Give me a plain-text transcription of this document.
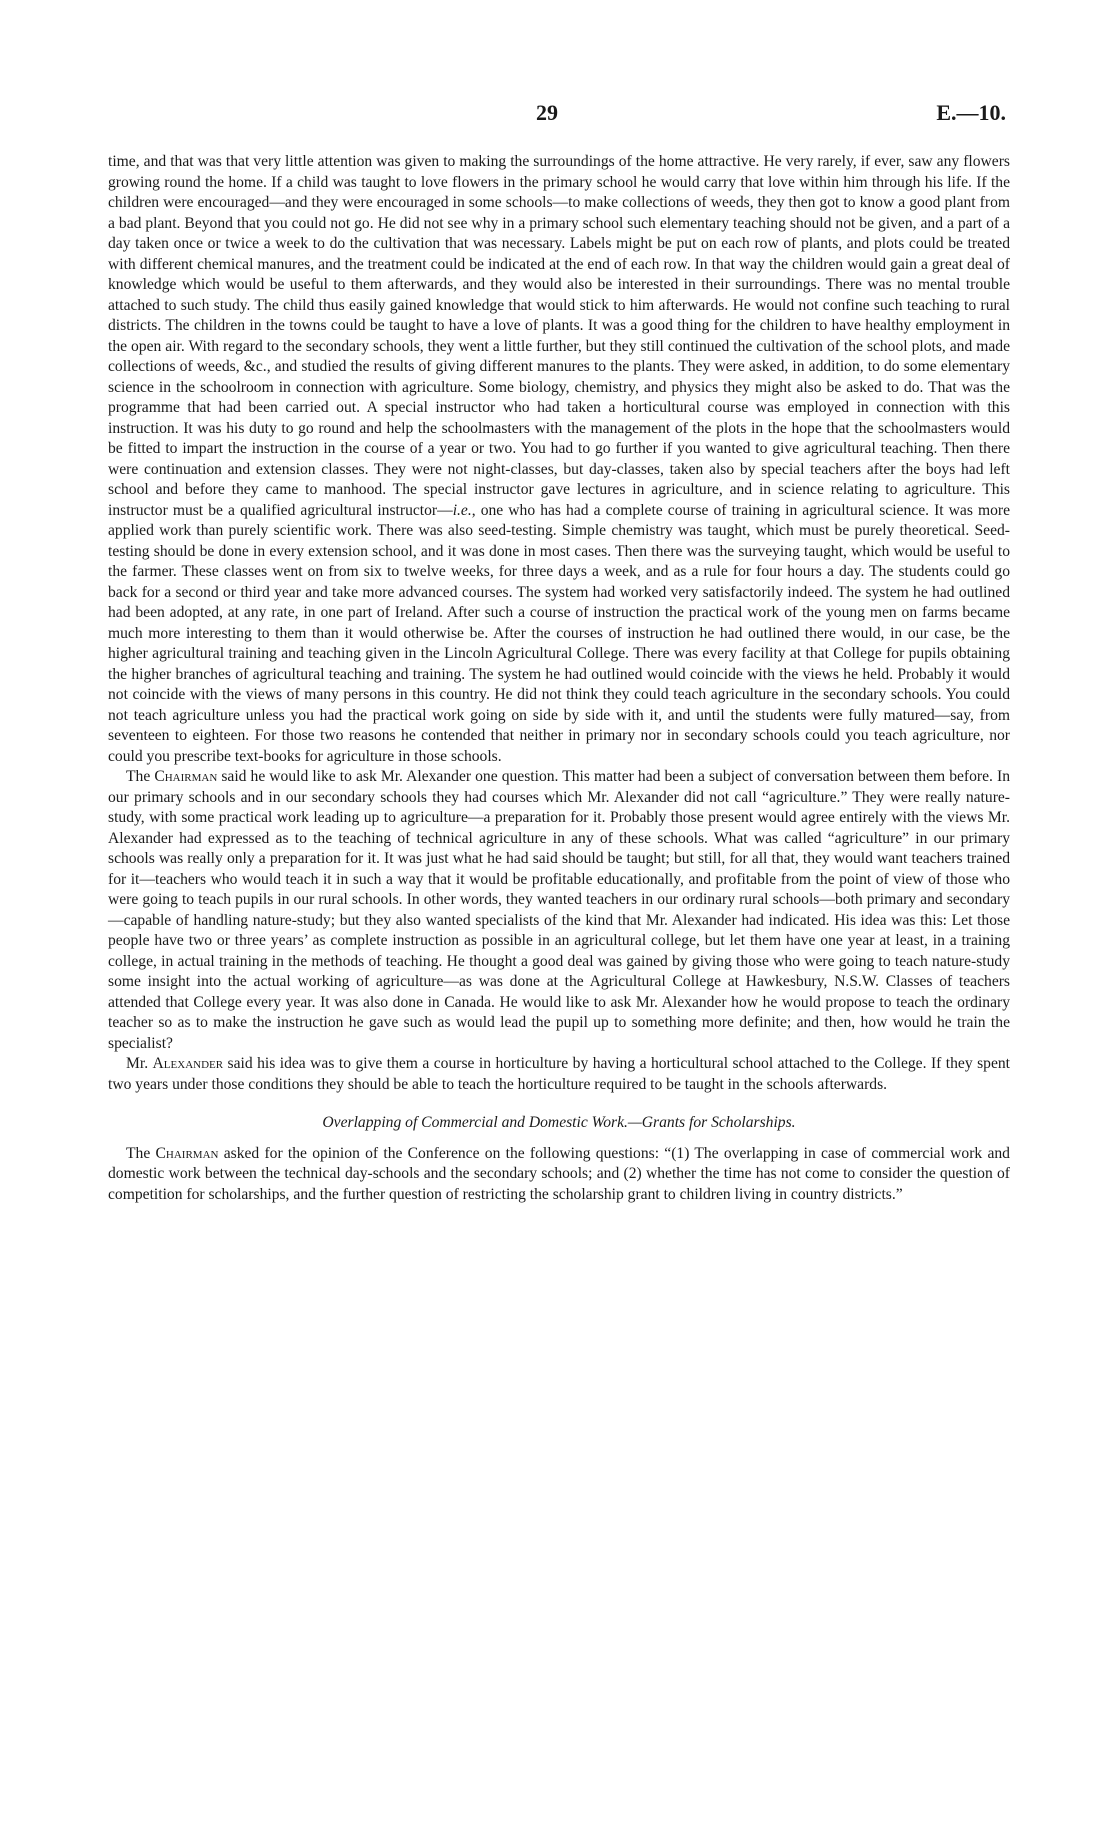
29	E.—10.

time, and that was that very little attention was given to making the surroundings of the home attractive. He very rarely, if ever, saw any flowers growing round the home. If a child was taught to love flowers in the primary school he would carry that love within him through his life. If the children were encouraged—and they were encouraged in some schools—to make collections of weeds, they then got to know a good plant from a bad plant. Beyond that you could not go. He did not see why in a primary school such elementary teaching should not be given, and a part of a day taken once or twice a week to do the cultivation that was necessary. Labels might be put on each row of plants, and plots could be treated with different chemical manures, and the treatment could be indicated at the end of each row. In that way the children would gain a great deal of knowledge which would be useful to them afterwards, and they would also be interested in their surroundings. There was no mental trouble attached to such study. The child thus easily gained knowledge that would stick to him afterwards. He would not confine such teaching to rural districts. The children in the towns could be taught to have a love of plants. It was a good thing for the children to have healthy employment in the open air. With regard to the secondary schools, they went a little further, but they still continued the cultivation of the school plots, and made collections of weeds, &c., and studied the results of giving different manures to the plants. They were asked, in addition, to do some elementary science in the schoolroom in connection with agriculture. Some biology, chemistry, and physics they might also be asked to do. That was the programme that had been carried out. A special instructor who had taken a horticultural course was employed in connection with this instruction. It was his duty to go round and help the schoolmasters with the management of the plots in the hope that the schoolmasters would be fitted to impart the instruction in the course of a year or two. You had to go further if you wanted to give agricultural teaching. Then there were continuation and extension classes. They were not night-classes, but day-classes, taken also by special teachers after the boys had left school and before they came to manhood. The special instructor gave lectures in agriculture, and in science relating to agriculture. This instructor must be a qualified agricultural instructor—i.e., one who has had a complete course of training in agricultural science. It was more applied work than purely scientific work. There was also seed-testing. Simple chemistry was taught, which must be purely theoretical. Seed-testing should be done in every extension school, and it was done in most cases. Then there was the surveying taught, which would be useful to the farmer. These classes went on from six to twelve weeks, for three days a week, and as a rule for four hours a day. The students could go back for a second or third year and take more advanced courses. The system had worked very satisfactorily indeed. The system he had outlined had been adopted, at any rate, in one part of Ireland. After such a course of instruction the practical work of the young men on farms became much more interesting to them than it would otherwise be. After the courses of instruction he had outlined there would, in our case, be the higher agricultural training and teaching given in the Lincoln Agricultural College. There was every facility at that College for pupils obtaining the higher branches of agricultural teaching and training. The system he had outlined would coincide with the views he held. Probably it would not coincide with the views of many persons in this country. He did not think they could teach agriculture in the secondary schools. You could not teach agriculture unless you had the practical work going on side by side with it, and until the students were fully matured—say, from seventeen to eighteen. For those two reasons he contended that neither in primary nor in secondary schools could you teach agriculture, nor could you prescribe text-books for agriculture in those schools.

The Chairman said he would like to ask Mr. Alexander one question. This matter had been a subject of conversation between them before. In our primary schools and in our secondary schools they had courses which Mr. Alexander did not call “agriculture.” They were really nature-study, with some practical work leading up to agriculture—a preparation for it. Probably those present would agree entirely with the views Mr. Alexander had expressed as to the teaching of technical agriculture in any of these schools. What was called “agriculture” in our primary schools was really only a preparation for it. It was just what he had said should be taught; but still, for all that, they would want teachers trained for it—teachers who would teach it in such a way that it would be profitable educationally, and profitable from the point of view of those who were going to teach pupils in our rural schools. In other words, they wanted teachers in our ordinary rural schools—both primary and secondary—capable of handling nature-study; but they also wanted specialists of the kind that Mr. Alexander had indicated. His idea was this: Let those people have two or three years’ as complete instruction as possible in an agricultural college, but let them have one year at least, in a training college, in actual training in the methods of teaching. He thought a good deal was gained by giving those who were going to teach nature-study some insight into the actual working of agriculture—as was done at the Agricultural College at Hawkesbury, N.S.W. Classes of teachers attended that College every year. It was also done in Canada. He would like to ask Mr. Alexander how he would propose to teach the ordinary teacher so as to make the instruction he gave such as would lead the pupil up to something more definite; and then, how would he train the specialist?

Mr. Alexander said his idea was to give them a course in horticulture by having a horticultural school attached to the College. If they spent two years under those conditions they should be able to teach the horticulture required to be taught in the schools afterwards.

Overlapping of Commercial and Domestic Work.—Grants for Scholarships.

The Chairman asked for the opinion of the Conference on the following questions: “(1) The overlapping in case of commercial work and domestic work between the technical day-schools and the secondary schools; and (2) whether the time has not come to consider the question of competition for scholarships, and the further question of restricting the scholarship grant to children living in country districts.”
